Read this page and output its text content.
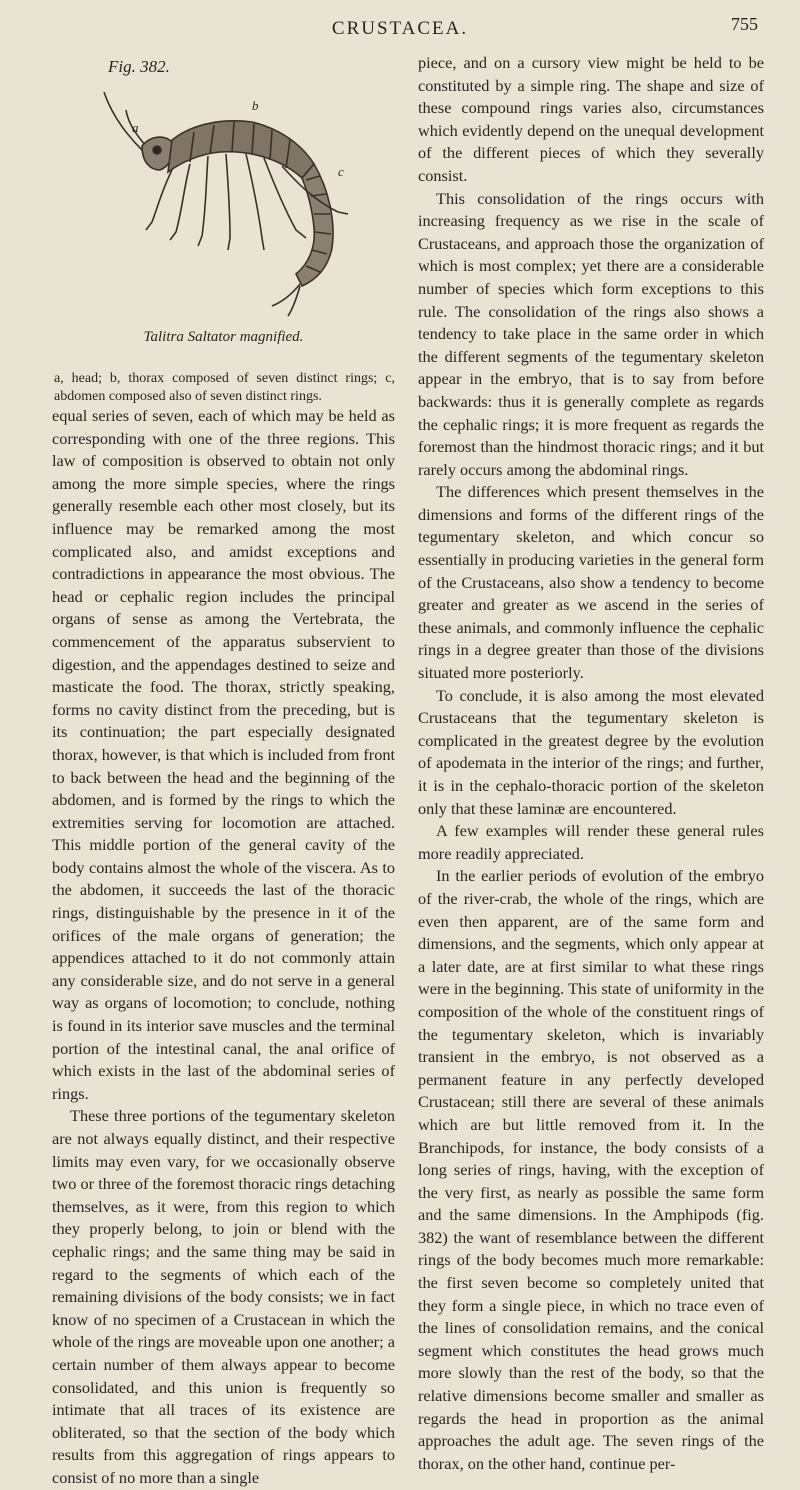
CRUSTACEA.	755
Fig. 382.
a
b
c
Talitra Saltator magnified.

a, head; b, thorax composed of seven distinct rings; c, abdomen composed also of seven distinct rings.

equal series of seven, each of which may be held as corresponding with one of the three regions. This law of composition is observed to obtain not only among the more simple species, where the rings generally resemble each other most closely, but its influence may be remarked among the most complicated also, and amidst exceptions and contradictions in appearance the most obvious. The head or cephalic region includes the principal organs of sense as among the Vertebrata, the commencement of the apparatus subservient to digestion, and the appendages destined to seize and masticate the food. The thorax, strictly speaking, forms no cavity distinct from the preceding, but is its continuation; the part especially designated thorax, however, is that which is included from front to back between the head and the beginning of the abdomen, and is formed by the rings to which the extremities serving for locomotion are attached. This middle portion of the general cavity of the body contains almost the whole of the viscera. As to the abdomen, it succeeds the last of the thoracic rings, distinguishable by the presence in it of the orifices of the male organs of generation; the appendices attached to it do not commonly attain any considerable size, and do not serve in a general way as organs of locomotion; to conclude, nothing is found in its interior save muscles and the terminal portion of the intestinal canal, the anal orifice of which exists in the last of the abdominal series of rings.

These three portions of the tegumentary skeleton are not always equally distinct, and their respective limits may even vary, for we occasionally observe two or three of the foremost thoracic rings detaching themselves, as it were, from this region to which they properly belong, to join or blend with the cephalic rings; and the same thing may be said in regard to the segments of which each of the remaining divisions of the body consists; we in fact know of no specimen of a Crustacean in which the whole of the rings are moveable upon one another; a certain number of them always appear to become consolidated, and this union is frequently so intimate that all traces of its existence are obliterated, so that the section of the body which results from this aggregation of rings appears to consist of no more than a single

piece, and on a cursory view might be held to be constituted by a simple ring. The shape and size of these compound rings varies also, circumstances which evidently depend on the unequal development of the different pieces of which they severally consist.

This consolidation of the rings occurs with increasing frequency as we rise in the scale of Crustaceans, and approach those the organization of which is most complex; yet there are a considerable number of species which form exceptions to this rule. The consolidation of the rings also shows a tendency to take place in the same order in which the different segments of the tegumentary skeleton appear in the embryo, that is to say from before backwards: thus it is generally complete as regards the cephalic rings; it is more frequent as regards the foremost than the hindmost thoracic rings; and it but rarely occurs among the abdominal rings.

The differences which present themselves in the dimensions and forms of the different rings of the tegumentary skeleton, and which concur so essentially in producing varieties in the general form of the Crustaceans, also show a tendency to become greater and greater as we ascend in the series of these animals, and commonly influence the cephalic rings in a degree greater than those of the divisions situated more posteriorly.

To conclude, it is also among the most elevated Crustaceans that the tegumentary skeleton is complicated in the greatest degree by the evolution of apodemata in the interior of the rings; and further, it is in the cephalo-thoracic portion of the skeleton only that these laminæ are encountered.

A few examples will render these general rules more readily appreciated.

In the earlier periods of evolution of the embryo of the river-crab, the whole of the rings, which are even then apparent, are of the same form and dimensions, and the segments, which only appear at a later date, are at first similar to what these rings were in the beginning. This state of uniformity in the composition of the whole of the constituent rings of the tegumentary skeleton, which is invariably transient in the embryo, is not observed as a permanent feature in any perfectly developed Crustacean; still there are several of these animals which are but little removed from it. In the Branchipods, for instance, the body consists of a long series of rings, having, with the exception of the very first, as nearly as possible the same form and the same dimensions. In the Amphipods (fig. 382) the want of resemblance between the different rings of the body becomes much more remarkable: the first seven become so completely united that they form a single piece, in which no trace even of the lines of consolidation remains, and the conical segment which constitutes the head grows much more slowly than the rest of the body, so that the relative dimensions become smaller and smaller as regards the head in proportion as the animal approaches the adult age. The seven rings of the thorax, on the other hand, continue per-
